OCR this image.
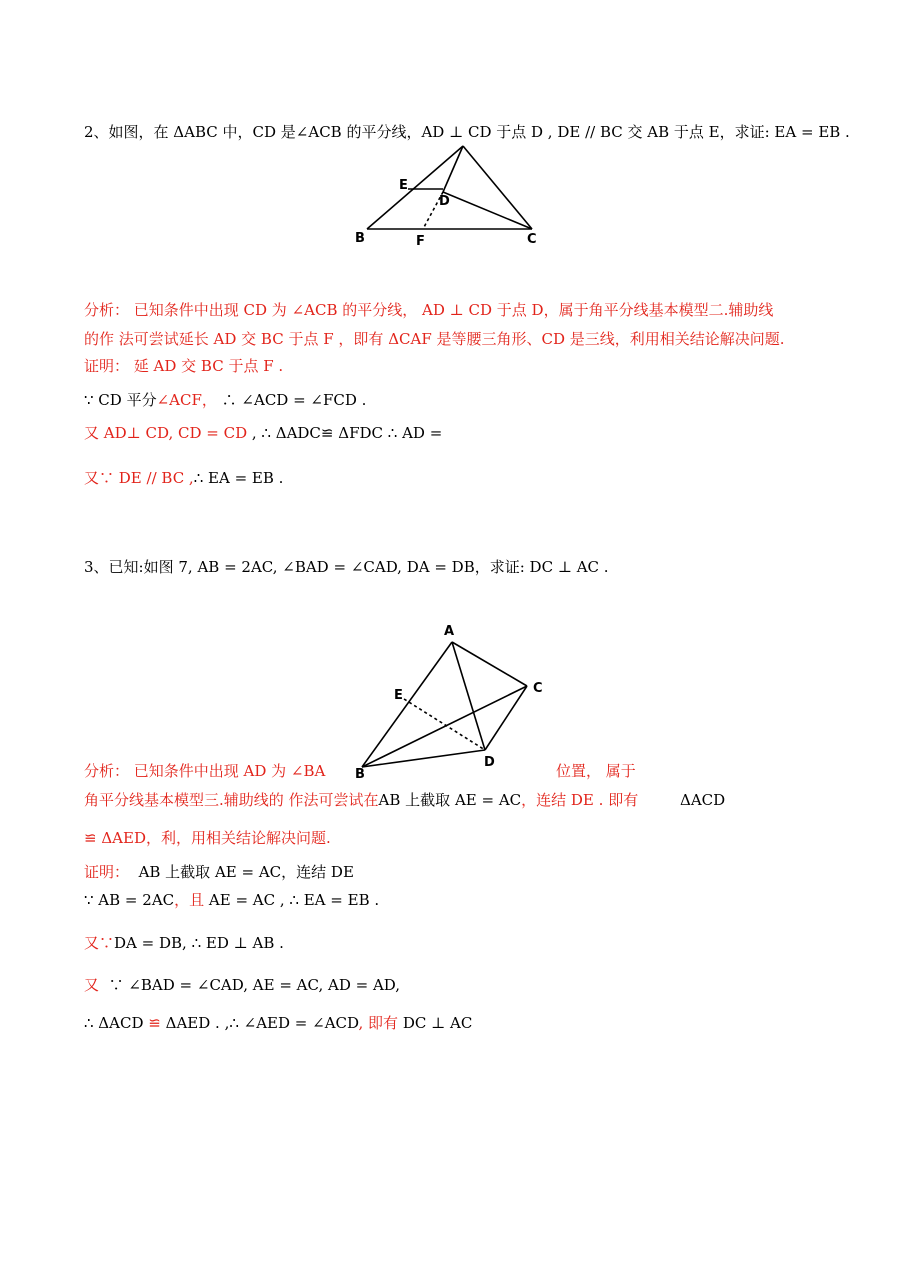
2、如图，在 ΔABC 中，CD 是∠ACB 的平分线，AD ⊥ CD 于点 D , DE // BC 交 AB 于点 E，求证: EA = EB .
E
D
B	F	C
分析： 已知条件中出现 CD 为 ∠ACB 的平分线， AD ⊥ CD 于点 D，属于角平分线基本模型二.辅助线
的作 法可尝试延长 AD 交 BC 于点 F ，即有 ΔCAF 是等腰三角形、CD 是三线，利用相关结论解决问题.
证明： 延 AD 交 BC 于点 F .
∵ CD 平分∠ACF， ∴ ∠ACD = ∠FCD .
又 AD⊥ CD, CD = CD , ∴ ΔADC≌ ΔFDC ∴ AD =
又∵ DE // BC ,∴ EA = EB .
3、已知:如图 7, AB = 2AC, ∠BAD = ∠CAD, DA = DB，求证: DC ⊥ AC .
A
C
E
B
D
分析： 已知条件中出现 AD 为 ∠BA	位置， 属于
角平分线基本模型三.辅助线的 作法可尝试在AB 上截取 AE = AC，连结 DE . 即有	ΔACD
≌ ΔAED，利，用相关结论解决问题.
证明： AB 上截取 AE = AC，连结 DE
∵ AB = 2AC，且 AE = AC , ∴ EA = EB .
又∵DA = DB, ∴ ED ⊥ AB .
又 ∵ ∠BAD = ∠CAD, AE = AC, AD = AD,
∴ ΔACD ≌ ΔAED . ,∴ ∠AED = ∠ACD, 即有 DC ⊥ AC
